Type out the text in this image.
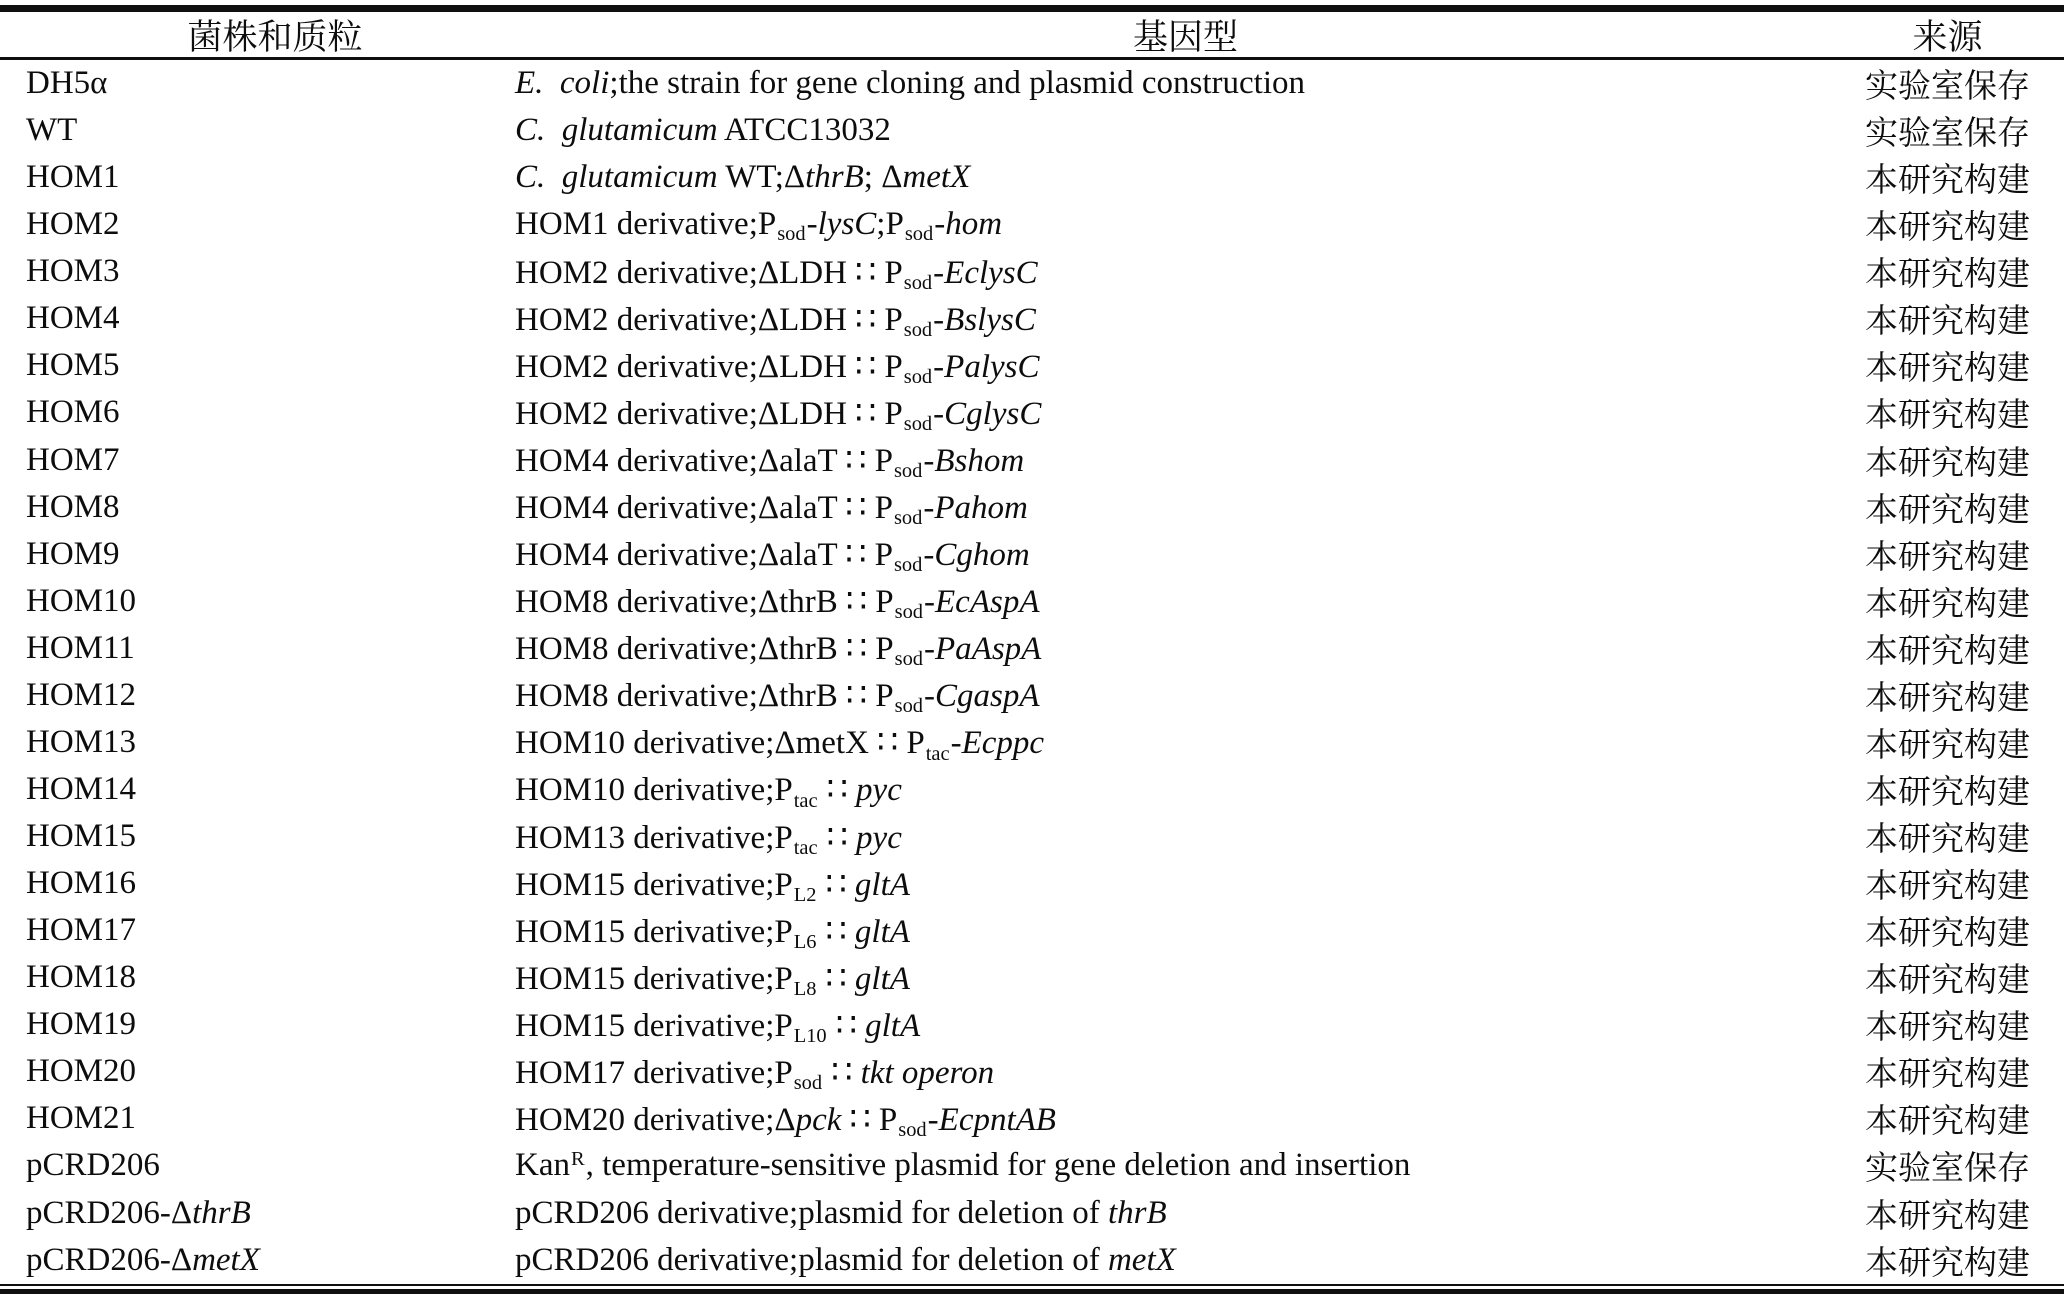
菌株和质粒	基因型	来源
DH5α	E. coli;the strain for gene cloning and plasmid construction	实验室保存
WT	C. glutamicum ATCC13032	实验室保存
HOM1	C. glutamicum WT;ΔthrB; ΔmetX	本研究构建
HOM2	HOM1 derivative;Psod-lysC;Psod-hom	本研究构建
HOM3	HOM2 derivative;ΔLDH ∷ Psod-EclysC	本研究构建
HOM4	HOM2 derivative;ΔLDH ∷ Psod-BslysC	本研究构建
HOM5	HOM2 derivative;ΔLDH ∷ Psod-PalysC	本研究构建
HOM6	HOM2 derivative;ΔLDH ∷ Psod-CglysC	本研究构建
HOM7	HOM4 derivative;ΔalaT ∷ Psod-Bshom	本研究构建
HOM8	HOM4 derivative;ΔalaT ∷ Psod-Pahom	本研究构建
HOM9	HOM4 derivative;ΔalaT ∷ Psod-Cghom	本研究构建
HOM10	HOM8 derivative;ΔthrB ∷ Psod-EcAspA	本研究构建
HOM11	HOM8 derivative;ΔthrB ∷ Psod-PaAspA	本研究构建
HOM12	HOM8 derivative;ΔthrB ∷ Psod-CgaspA	本研究构建
HOM13	HOM10 derivative;ΔmetX ∷ Ptac-Ecppc	本研究构建
HOM14	HOM10 derivative;Ptac ∷ pyc	本研究构建
HOM15	HOM13 derivative;Ptac ∷ pyc	本研究构建
HOM16	HOM15 derivative;PL2 ∷ gltA	本研究构建
HOM17	HOM15 derivative;PL6 ∷ gltA	本研究构建
HOM18	HOM15 derivative;PL8 ∷ gltA	本研究构建
HOM19	HOM15 derivative;PL10 ∷ gltA	本研究构建
HOM20	HOM17 derivative;Psod ∷ tkt operon	本研究构建
HOM21	HOM20 derivative;Δpck ∷ Psod-EcpntAB	本研究构建
pCRD206	Kan$^R$, temperature-sensitive plasmid for gene deletion and insertion	实验室保存
pCRD206-ΔthrB	pCRD206 derivative;plasmid for deletion of thrB	本研究构建
pCRD206-ΔmetX	pCRD206 derivative;plasmid for deletion of metX	本研究构建
